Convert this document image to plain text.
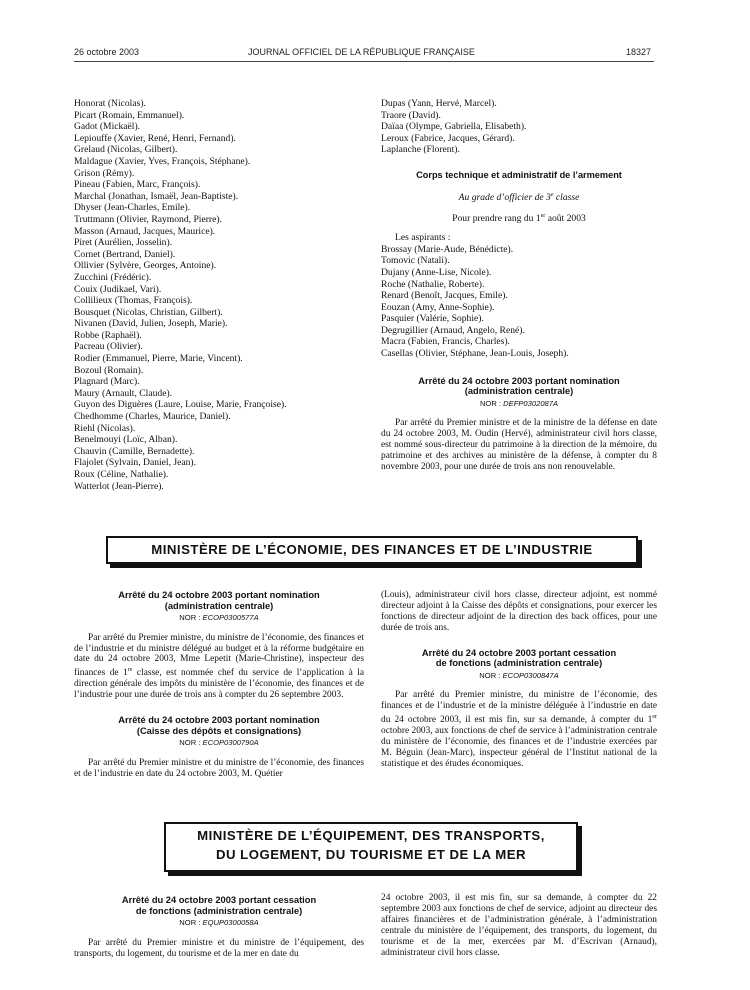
26 octobre 2003	JOURNAL OFFICIEL DE LA RÉPUBLIQUE FRANÇAISE	18327
Honorat (Nicolas).
Picart (Romain, Emmanuel).
Gadot (Mickaël).
Lepiouffe (Xavier, René, Henri, Fernand).
Grelaud (Nicolas, Gilbert).
Maldague (Xavier, Yves, François, Stéphane).
Grison (Rémy).
Pineau (Fabien, Marc, François).
Marchal (Jonathan, Ismaël, Jean-Baptiste).
Dhyser (Jean-Charles, Emile).
Truttmann (Olivier, Raymond, Pierre).
Masson (Arnaud, Jacques, Maurice).
Piret (Aurélien, Josselin).
Cornet (Bertrand, Daniel).
Ollivier (Sylvère, Georges, Antoine).
Zucchini (Frédéric).
Couix (Judikael, Vari).
Collilieux (Thomas, François).
Bousquet (Nicolas, Christian, Gilbert).
Nivanen (David, Julien, Joseph, Marie).
Robbe (Raphaël).
Pacreau (Olivier).
Rodier (Emmanuel, Pierre, Marie, Vincent).
Bozoul (Romain).
Plagnard (Marc).
Maury (Arnault, Claude).
Guyon des Diguères (Laure, Louise, Marie, Françoise).
Chedhomme (Charles, Maurice, Daniel).
Riehl (Nicolas).
Benelmouyi (Loïc, Alban).
Chauvin (Camille, Bernadette).
Flajolet (Sylvain, Daniel, Jean).
Roux (Céline, Nathalie).
Watterlot (Jean-Pierre).
Dupas (Yann, Hervé, Marcel).
Traore (David).
Daïaa (Olympe, Gabriella, Elisabeth).
Leroux (Fabrice, Jacques, Gérard).
Laplanche (Florent).
Corps technique et administratif de l’armement
Au grade d’officier de 3e classe
Pour prendre rang du 1er août 2003
Les aspirants :
Brossay (Marie-Aude, Bénédicte).
Tomovic (Natali).
Dujany (Anne-Lise, Nicole).
Roche (Nathalie, Roberte).
Renard (Benoît, Jacques, Emile).
Eouzan (Amy, Anne-Sophie).
Pasquier (Valérie, Sophie).
Degrugillier (Arnaud, Angelo, René).
Macra (Fabien, Francis, Charles).
Casellas (Olivier, Stéphane, Jean-Louis, Joseph).
Arrêté du 24 octobre 2003 portant nomination
(administration centrale)
NOR : DEFP0302087A
Par arrêté du Premier ministre et de la ministre de la défense en date du 24 octobre 2003, M. Oudin (Hervé), administrateur civil hors classe, est nommé sous-directeur du patrimoine à la direction de la mémoire, du patrimoine et des archives au ministère de la défense, à compter du 8 novembre 2003, pour une durée de trois ans non renouvelable.
MINISTÈRE DE L’ÉCONOMIE, DES FINANCES ET DE L’INDUSTRIE
Arrêté du 24 octobre 2003 portant nomination
(administration centrale)
NOR : ECOP0300577A
Par arrêté du Premier ministre, du ministre de l’économie, des finances et de l’industrie et du ministre délégué au budget et à la réforme budgétaire en date du 24 octobre 2003, Mme Lepetit (Marie-Christine), inspecteur des finances de 1re classe, est nommée chef du service de l’application à la direction générale des impôts du ministère de l’économie, des finances et de l’industrie pour une durée de trois ans à compter du 26 septembre 2003.
Arrêté du 24 octobre 2003 portant nomination
(Caisse des dépôts et consignations)
NOR : ECOP0300790A
Par arrêté du Premier ministre et du ministre de l’économie, des finances et de l’industrie en date du 24 octobre 2003, M. Quétier
(Louis), administrateur civil hors classe, directeur adjoint, est nommé directeur adjoint à la Caisse des dépôts et consignations, pour exercer les fonctions de directeur adjoint de la direction des back offices, pour une durée de trois ans.
Arrêté du 24 octobre 2003 portant cessation
de fonctions (administration centrale)
NOR : ECOP0300847A
Par arrêté du Premier ministre, du ministre de l’économie, des finances et de l’industrie et de la ministre déléguée à l’industrie en date du 24 octobre 2003, il est mis fin, sur sa demande, à compter du 1er octobre 2003, aux fonctions de chef de service à l’administration centrale du ministère de l’économie, des finances et de l’industrie exercées par M. Béguin (Jean-Marc), inspecteur général de l’Institut national de la statistique et des études économiques.
MINISTÈRE DE L’ÉQUIPEMENT, DES TRANSPORTS,
DU LOGEMENT, DU TOURISME ET DE LA MER
Arrêté du 24 octobre 2003 portant cessation
de fonctions (administration centrale)
NOR : EQUP0300058A
Par arrêté du Premier ministre et du ministre de l’équipement, des transports, du logement, du tourisme et de la mer en date du
24 octobre 2003, il est mis fin, sur sa demande, à compter du 22 septembre 2003 aux fonctions de chef de service, adjoint au directeur des affaires financières et de l’administration générale, à l’administration centrale du ministère de l’équipement, des transports, du logement, du tourisme et de la mer, exercées par M. d’Escrivan (Arnaud), administrateur civil hors classe.
